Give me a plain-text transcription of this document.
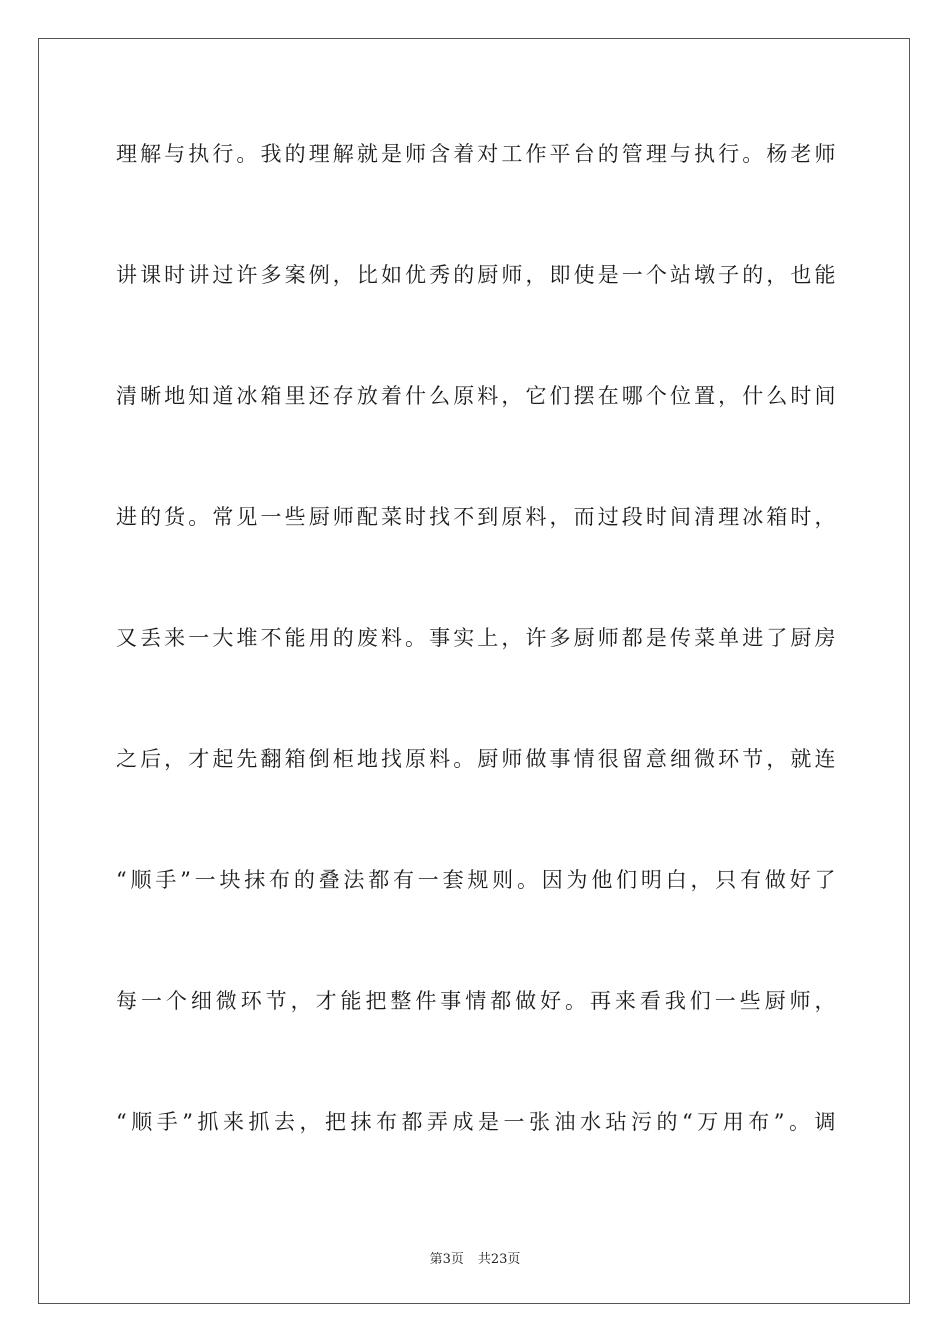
理解与执行。我的理解就是师含着对工作平台的管理与执行。杨老师
讲课时讲过许多案例，比如优秀的厨师，即使是一个站墩子的，也能
清晰地知道冰箱里还存放着什么原料，它们摆在哪个位置，什么时间
进的货。常见一些厨师配菜时找不到原料，而过段时间清理冰箱时，
又丢来一大堆不能用的废料。事实上，许多厨师都是传菜单进了厨房
之后，才起先翻箱倒柜地找原料。厨师做事情很留意细微环节，就连
“顺手”一块抹布的叠法都有一套规则。因为他们明白，只有做好了
每一个细微环节，才能把整件事情都做好。再来看我们一些厨师，
“顺手”抓来抓去，把抹布都弄成是一张油水玷污的“万用布”。调
第3页 共23页
